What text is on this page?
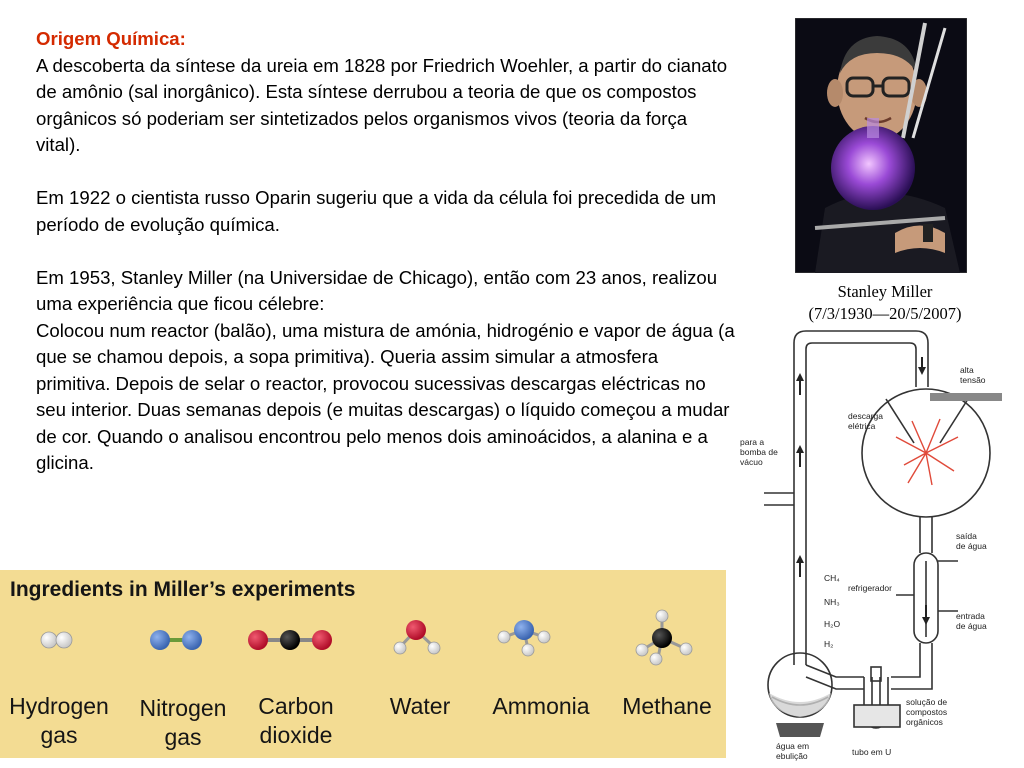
Origem Química:

A descoberta da síntese da ureia em 1828 por Friedrich Woehler, a partir do cianato de amônio (sal inorgânico). Esta síntese derrubou a teoria de que os compostos orgânicos só poderiam ser sintetizados pelos organismos vivos (teoria da força vital).

Em 1922 o cientista russo Oparin sugeriu que a vida da célula foi precedida de um período de evolução química.

Em 1953, Stanley Miller (na Universidae de Chicago), então com 23 anos, realizou uma experiência que ficou célebre:

Colocou num reactor (balão), uma mistura de amónia, hidrogénio e vapor de água (a que se chamou depois, a sopa primitiva). Queria assim simular a atmosfera primitiva. Depois de selar o reactor, provocou sucessivas descargas eléctricas no seu interior. Duas semanas depois (e muitas descargas) o líquido começou a mudar de cor. Quando o analisou encontrou pelo menos dois aminoácidos, a alanina e a glicina.

Stanley Miller
(7/3/1930—20/5/2007)
Ingredients in Miller’s experiments
Hydrogen
gas
Nitrogen
gas
Carbon
dioxide
Water	Ammonia	Methane
alta
tensão
descarga
elétrica
para a
bomba de
vácuo
saída
de água
CH₄
refrigerador
NH₃
H₂O
H₂
entrada
de água
solução de
compostos
orgânicos
água em
ebulição	tubo em U
